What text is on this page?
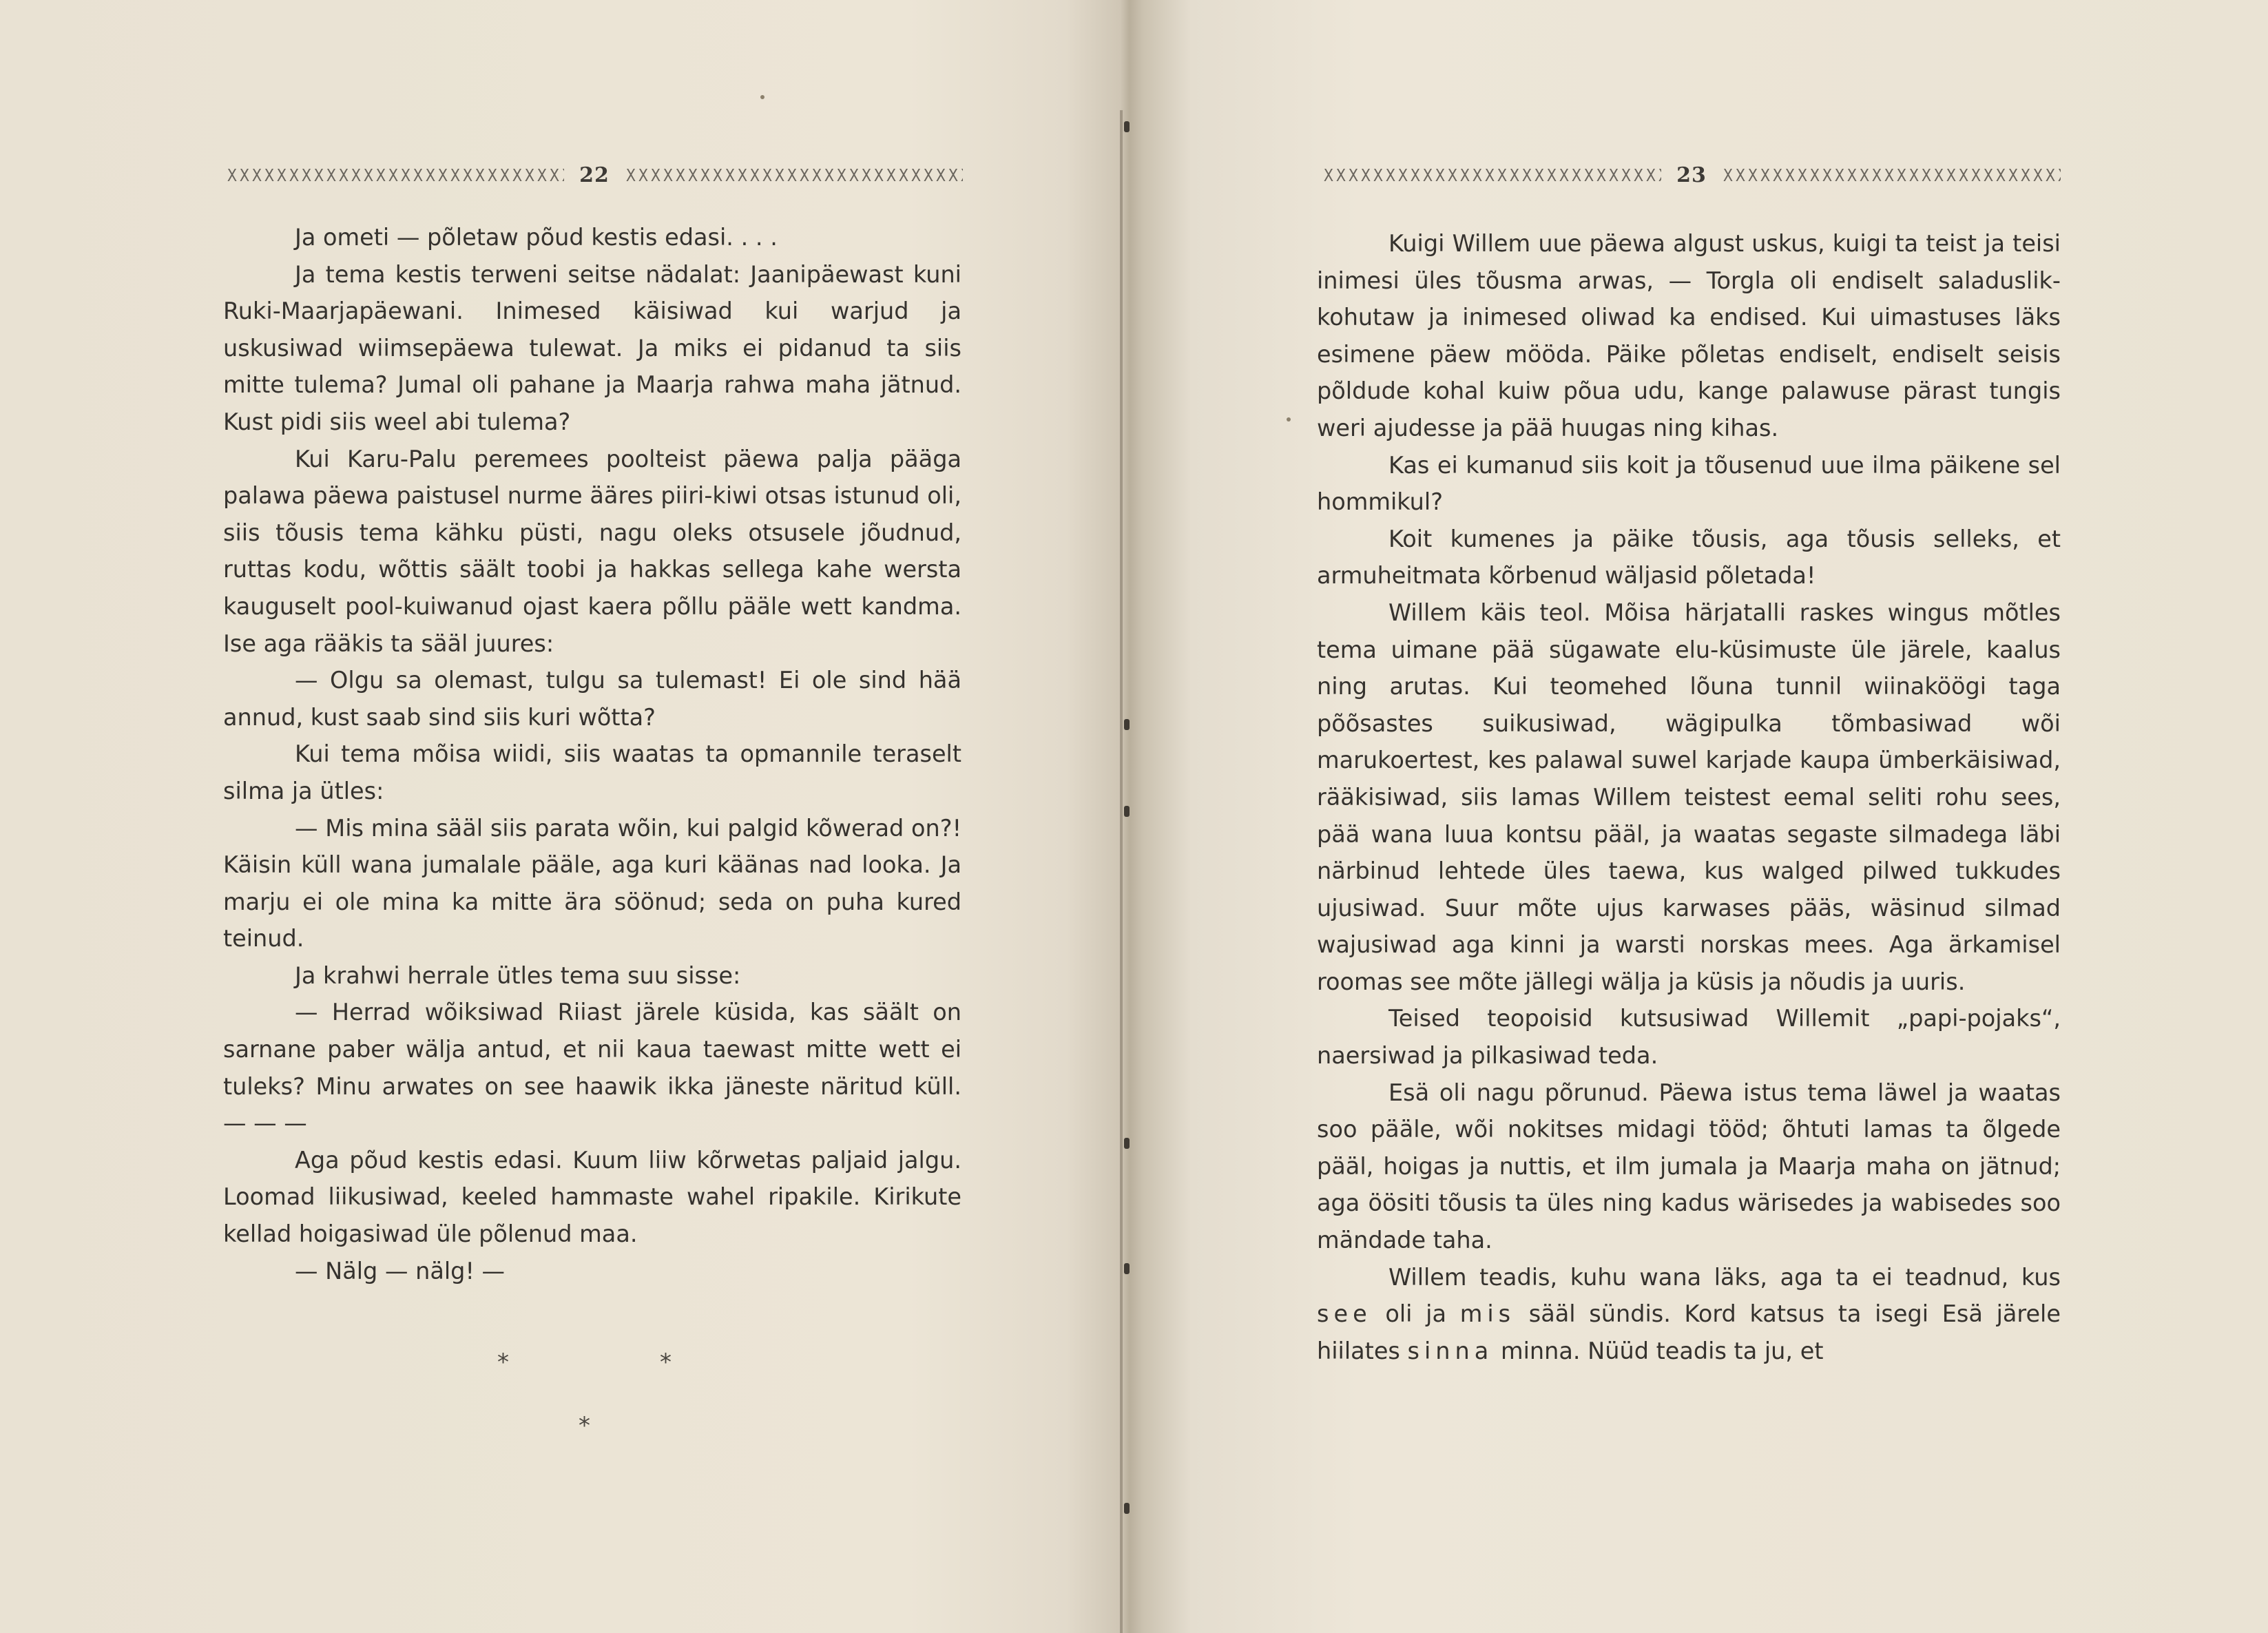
22

Ja ometi — põletaw põud kestis edasi. . . .

Ja tema kestis terweni seitse nädalat: Jaanipäewast kuni Ruki-Maarjapäewani. Inimesed käisiwad kui warjud ja uskusiwad wiimsepäewa tulewat. Ja miks ei pidanud ta siis mitte tulema? Jumal oli pahane ja Maarja rahwa maha jätnud. Kust pidi siis weel abi tulema?

Kui Karu-Palu peremees poolteist päewa palja pääga palawa päewa paistusel nurme ääres piiri-kiwi otsas istunud oli, siis tõusis tema kähku püsti, nagu oleks otsusele jõudnud, ruttas kodu, wõttis säält toobi ja hakkas sellega kahe wersta kauguselt pool-kuiwanud ojast kaera põllu pääle wett kandma. Ise aga rääkis ta sääl juures:

— Olgu sa olemast, tulgu sa tulemast! Ei ole sind hää annud, kust saab sind siis kuri wõtta?

Kui tema mõisa wiidi, siis waatas ta opmannile teraselt silma ja ütles:

— Mis mina sääl siis parata wõin, kui palgid kõwerad on?! Käisin küll wana jumalale pääle, aga kuri käänas nad looka. Ja marju ei ole mina ka mitte ära söönud; seda on puha kured teinud.

Ja krahwi herrale ütles tema suu sisse:

— Herrad wõiksiwad Riiast järele küsida, kas säält on sarnane paber wälja antud, et nii kaua taewast mitte wett ei tuleks? Minu arwates on see haawik ikka jäneste näritud küll. — — —

Aga põud kestis edasi. Kuum liiw kõrwetas paljaid jalgu. Loomad liikusiwad, keeled hammaste wahel ripakile. Kirikute kellad hoigasiwad üle põlenud maa.

— Nälg — nälg! —

*	*
*
23

Kuigi Willem uue päewa algust uskus, kuigi ta teist ja teisi inimesi üles tõusma arwas, — Torgla oli endiselt saladuslik-kohutaw ja inimesed oliwad ka endised. Kui uimastuses läks esimene päew mööda. Päike põletas endiselt, endiselt seisis põldude kohal kuiw põua udu, kange palawuse pärast tungis weri ajudesse ja pää huugas ning kihas.

Kas ei kumanud siis koit ja tõusenud uue ilma päikene sel hommikul?

Koit kumenes ja päike tõusis, aga tõusis selleks, et armuheitmata kõrbenud wäljasid põletada!

Willem käis teol. Mõisa härjatalli raskes wingus mõtles tema uimane pää sügawate elu-küsimuste üle järele, kaalus ning arutas. Kui teomehed lõuna tunnil wiinaköögi taga põõsastes suikusiwad, wägipulka tõmbasiwad wõi marukoertest, kes palawal suwel karjade kaupa ümberkäisiwad, rääkisiwad, siis lamas Willem teistest eemal seliti rohu sees, pää wana luua kontsu pääl, ja waatas segaste silmadega läbi närbinud lehtede üles taewa, kus walged pilwed tukkudes ujusiwad. Suur mõte ujus karwases pääs, wäsinud silmad wajusiwad aga kinni ja warsti norskas mees. Aga ärkamisel roomas see mõte jällegi wälja ja küsis ja nõudis ja uuris.

Teised teopoisid kutsusiwad Willemit „papi-pojaks“, naersiwad ja pilkasiwad teda.

Esä oli nagu põrunud. Päewa istus tema läwel ja waatas soo pääle, wõi nokitses midagi tööd; õhtuti lamas ta õlgede pääl, hoigas ja nuttis, et ilm jumala ja Maarja maha on jätnud; aga öösiti tõusis ta üles ning kadus wärisedes ja wabisedes soo mändade taha.

Willem teadis, kuhu wana läks, aga ta ei teadnud, kus see oli ja mis sääl sündis. Kord katsus ta isegi Esä järele hiilates sinna minna. Nüüd teadis ta ju, et
